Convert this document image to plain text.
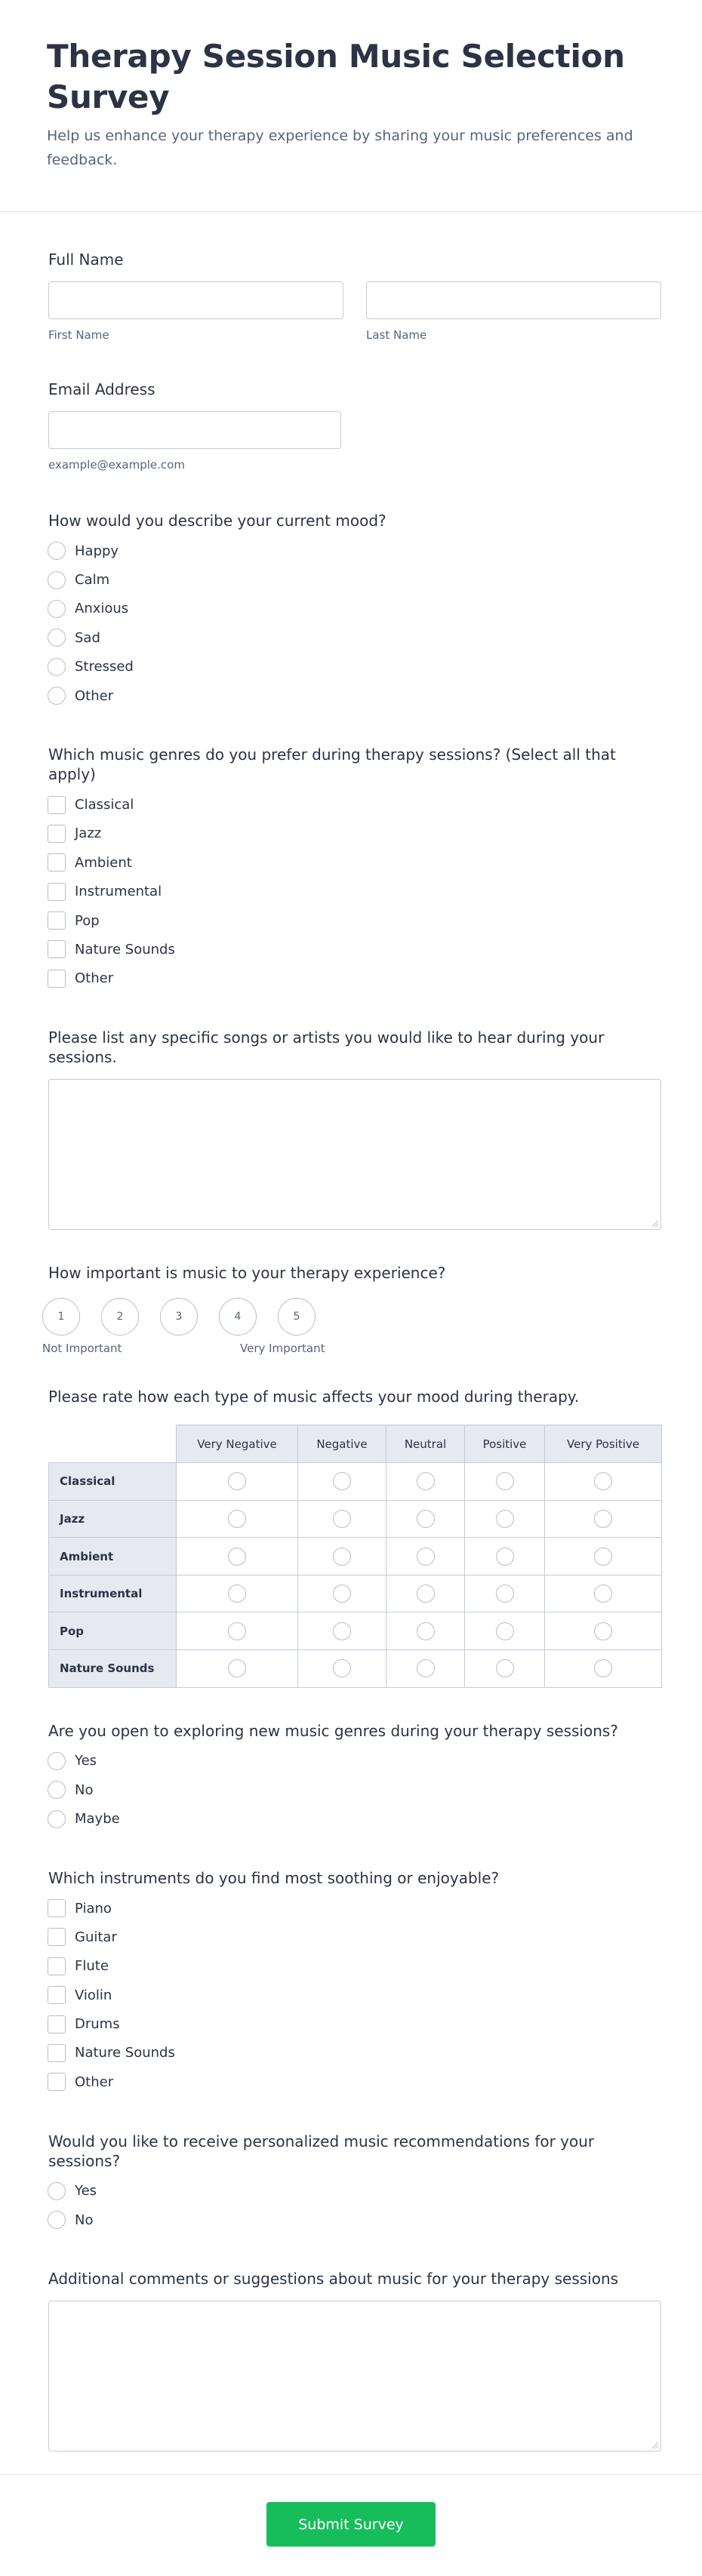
Therapy Session Music Selection Survey

Help us enhance your therapy experience by sharing your music preferences and feedback.

Full Name
First Name	Last Name
Email Address
example@example.com
How would you describe your current mood?
Happy
Calm
Anxious
Sad
Stressed
Other
Which music genres do you prefer during therapy sessions? (Select all that apply)
Classical
Jazz
Ambient
Instrumental
Pop
Nature Sounds
Other
Please list any specific songs or artists you would like to hear during your sessions.
How important is music to your therapy experience?
1	2	3	4	5
Not Important	Very Important
Please rate how each type of music affects your mood during therapy.
	Very Negative	Negative	Neutral	Positive	Very Positive
Classical					
Jazz					
Ambient					
Instrumental					
Pop					
Nature Sounds					
Are you open to exploring new music genres during your therapy sessions?
Yes
No
Maybe
Which instruments do you find most soothing or enjoyable?
Piano
Guitar
Flute
Violin
Drums
Nature Sounds
Other
Would you like to receive personalized music recommendations for your sessions?
Yes
No
Additional comments or suggestions about music for your therapy sessions
Submit Survey
